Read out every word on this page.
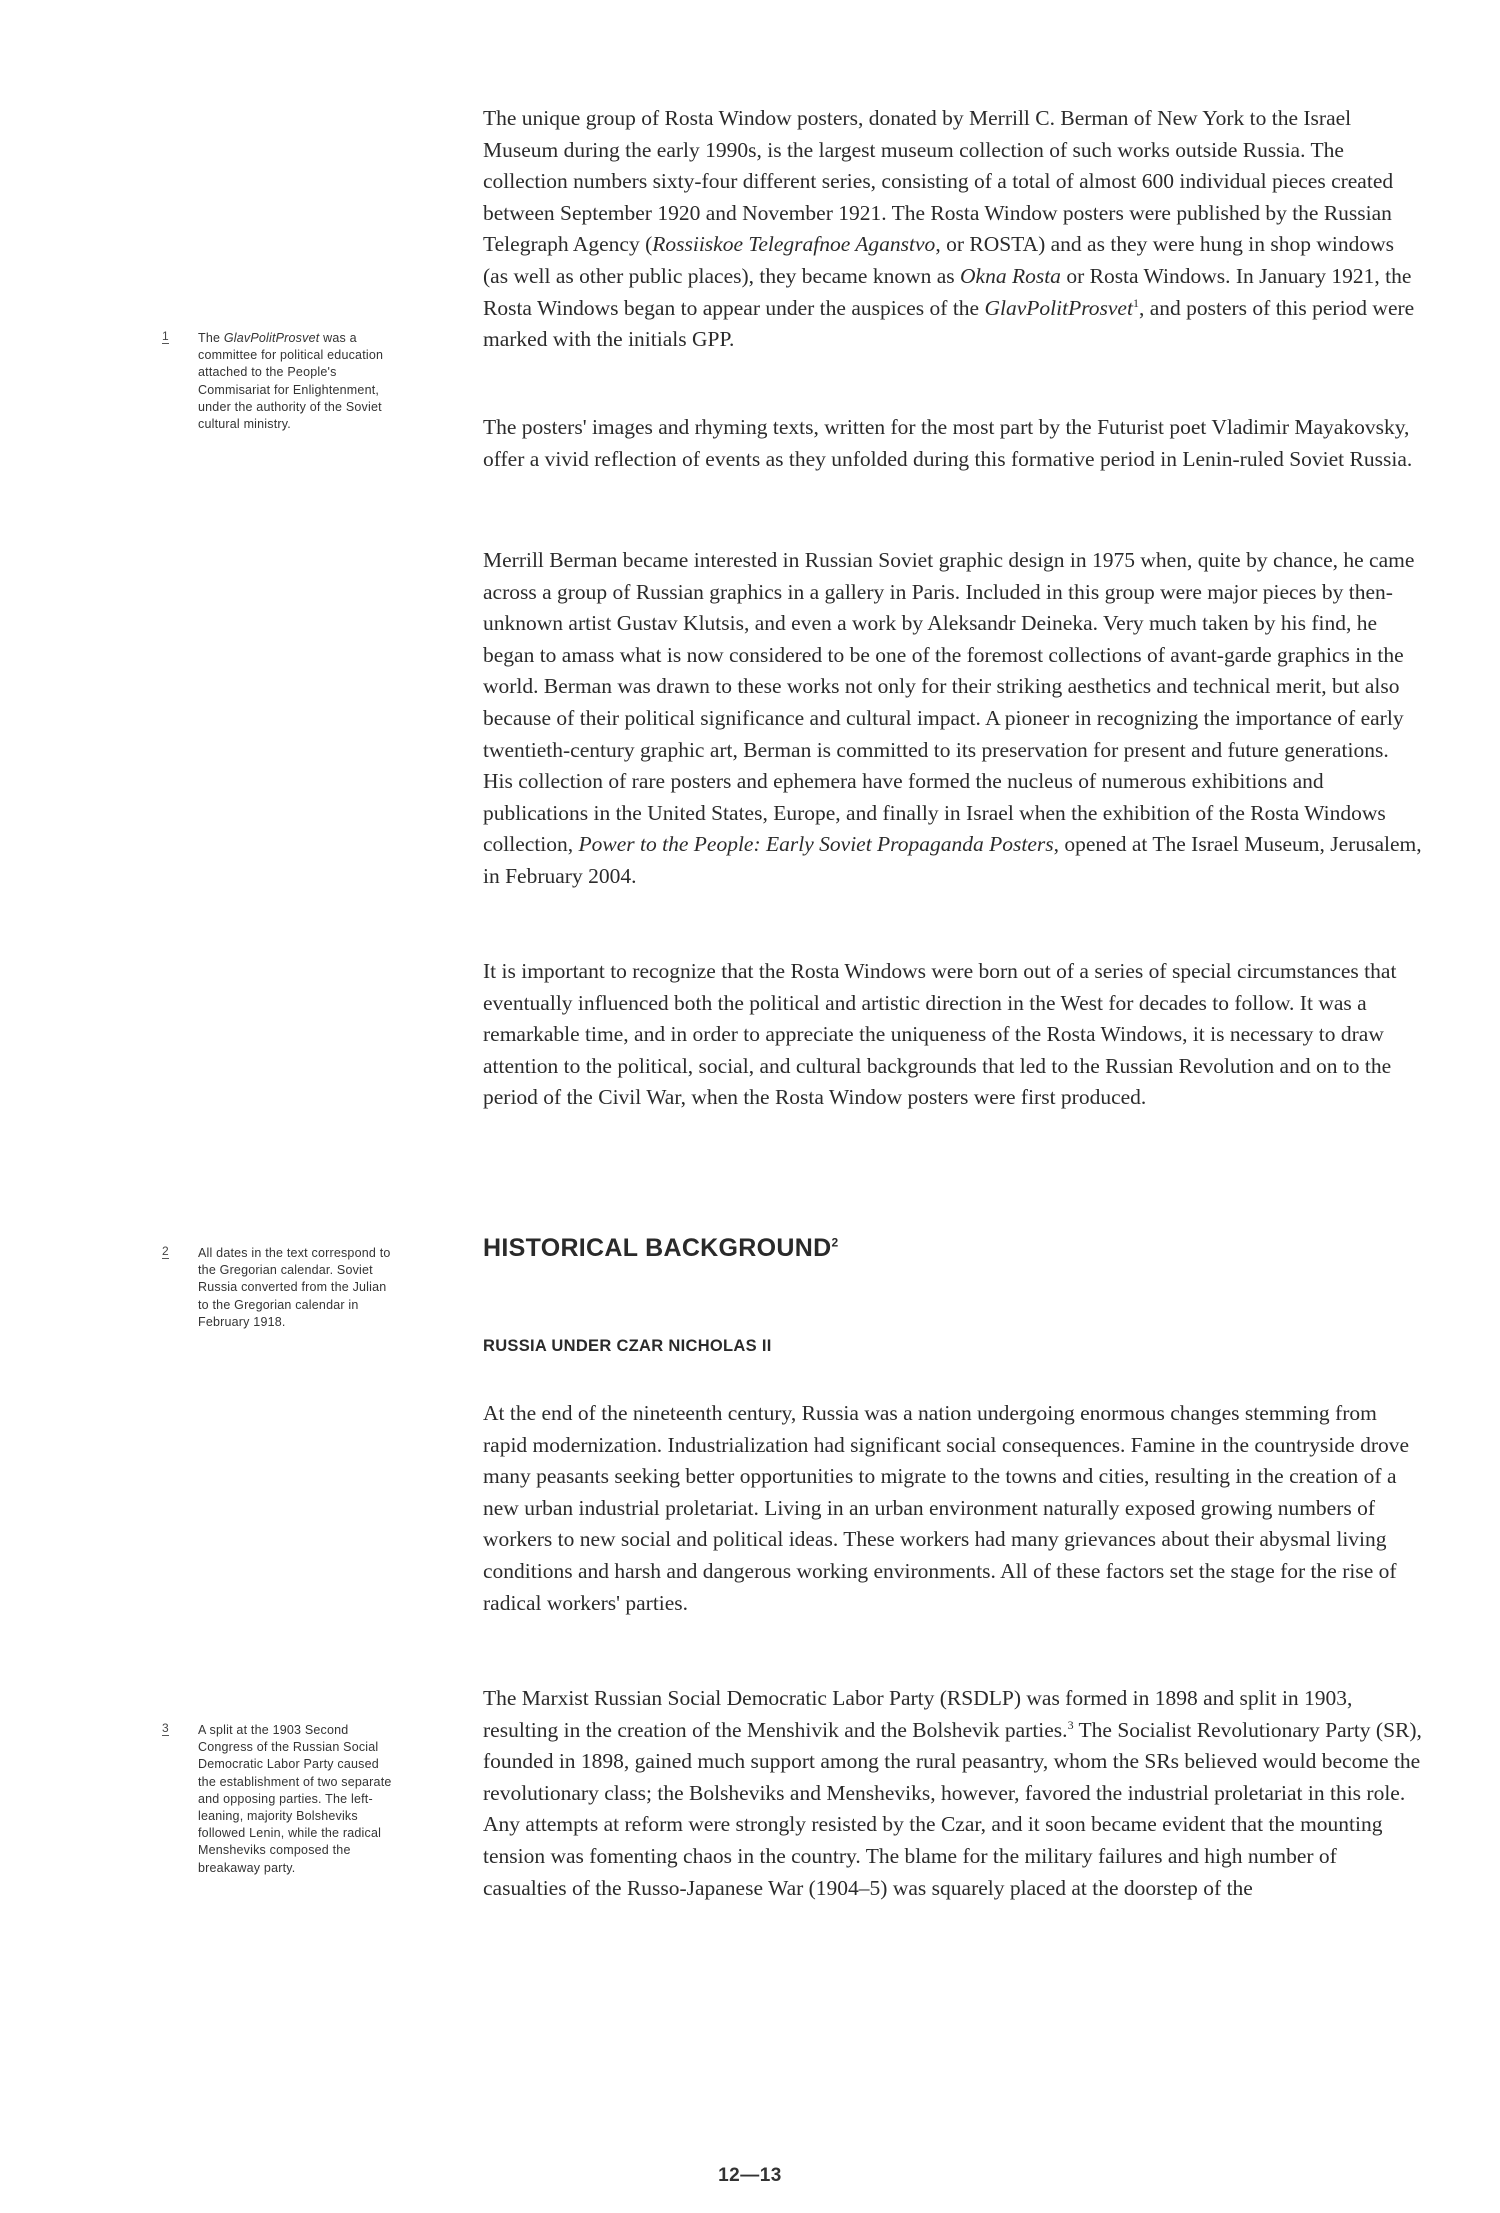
1 The GlavPolitProsvet was a committee for political education attached to the People's Commisariat for Enlightenment, under the authority of the Soviet cultural ministry.
2 All dates in the text correspond to the Gregorian calendar. Soviet Russia converted from the Julian to the Gregorian calendar in February 1918.
3 A split at the 1903 Second Congress of the Russian Social Democratic Labor Party caused the establishment of two separate and opposing parties. The left-leaning, majority Bolsheviks followed Lenin, while the radical Mensheviks composed the breakaway party.

The unique group of Rosta Window posters, donated by Merrill C. Berman of New York to the Israel Museum during the early 1990s, is the largest museum collection of such works outside Russia. The collection numbers sixty-four different series, consisting of a total of almost 600 individual pieces created between September 1920 and November 1921. The Rosta Window posters were published by the Russian Telegraph Agency (Rossiiskoe Telegrafnoe Aganstvo, or ROSTA) and as they were hung in shop windows (as well as other public places), they became known as Okna Rosta or Rosta Windows. In January 1921, the Rosta Windows began to appear under the auspices of the GlavPolitProsvet$^1$, and posters of this period were marked with the initials GPP.

The posters' images and rhyming texts, written for the most part by the Futurist poet Vladimir Mayakovsky, offer a vivid reflection of events as they unfolded during this formative period in Lenin-ruled Soviet Russia.

Merrill Berman became interested in Russian Soviet graphic design in 1975 when, quite by chance, he came across a group of Russian graphics in a gallery in Paris. Included in this group were major pieces by then-unknown artist Gustav Klutsis, and even a work by Aleksandr Deineka. Very much taken by his find, he began to amass what is now considered to be one of the foremost collections of avant-garde graphics in the world. Berman was drawn to these works not only for their striking aesthetics and technical merit, but also because of their political significance and cultural impact. A pioneer in recognizing the importance of early twentieth-century graphic art, Berman is committed to its preservation for present and future generations. His collection of rare posters and ephemera have formed the nucleus of numerous exhibitions and publications in the United States, Europe, and finally in Israel when the exhibition of the Rosta Windows collection, Power to the People: Early Soviet Propaganda Posters, opened at The Israel Museum, Jerusalem, in February 2004.

It is important to recognize that the Rosta Windows were born out of a series of special circumstances that eventually influenced both the political and artistic direction in the West for decades to follow. It was a remarkable time, and in order to appreciate the uniqueness of the Rosta Windows, it is necessary to draw attention to the political, social, and cultural backgrounds that led to the Russian Revolution and on to the period of the Civil War, when the Rosta Window posters were first produced.

HISTORICAL BACKGROUND$^2$
RUSSIA UNDER CZAR NICHOLAS II

At the end of the nineteenth century, Russia was a nation undergoing enormous changes stemming from rapid modernization. Industrialization had significant social consequences. Famine in the countryside drove many peasants seeking better opportunities to migrate to the towns and cities, resulting in the creation of a new urban industrial proletariat. Living in an urban environment naturally exposed growing numbers of workers to new social and political ideas. These workers had many grievances about their abysmal living conditions and harsh and dangerous working environments. All of these factors set the stage for the rise of radical workers' parties.

The Marxist Russian Social Democratic Labor Party (RSDLP) was formed in 1898 and split in 1903, resulting in the creation of the Menshivik and the Bolshevik parties.$^3$ The Socialist Revolutionary Party (SR), founded in 1898, gained much support among the rural peasantry, whom the SRs believed would become the revolutionary class; the Bolsheviks and Mensheviks, however, favored the industrial proletariat in this role. Any attempts at reform were strongly resisted by the Czar, and it soon became evident that the mounting tension was fomenting chaos in the country. The blame for the military failures and high number of casualties of the Russo-Japanese War (1904–5) was squarely placed at the doorstep of the

12—13
